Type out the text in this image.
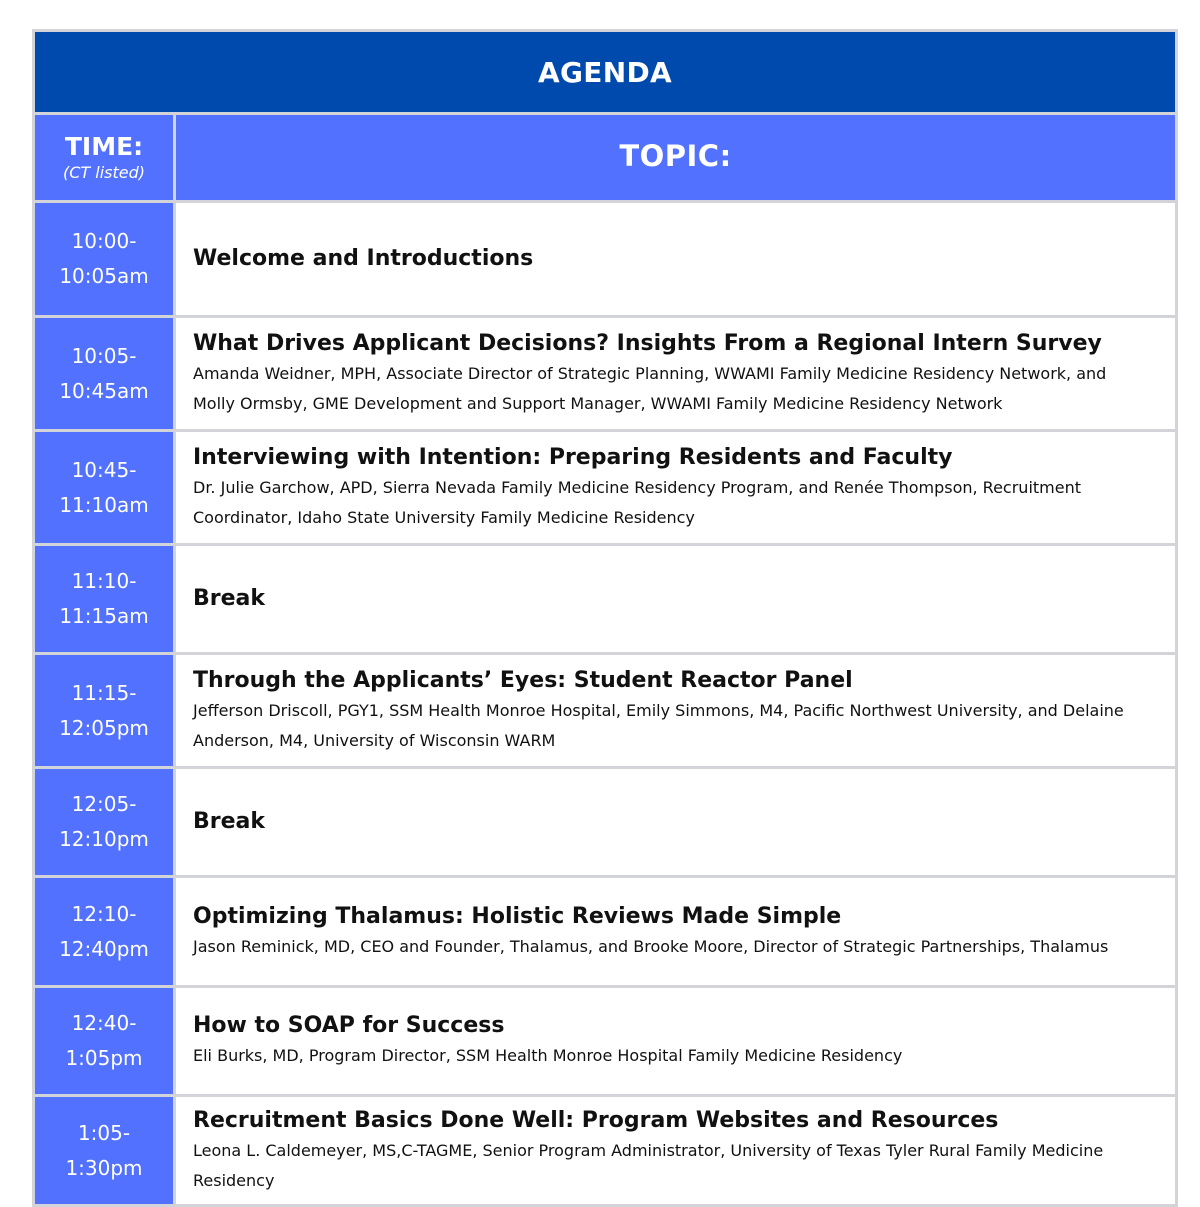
AGENDA
TIME:
(CT listed)	TOPIC:
10:00-
10:05am
Welcome and Introductions
10:05-
10:45am
What Drives Applicant Decisions? Insights From a Regional Intern Survey
Amanda Weidner, MPH, Associate Director of Strategic Planning, WWAMI Family Medicine Residency Network, and Molly Ormsby, GME Development and Support Manager, WWAMI Family Medicine Residency Network
10:45-
11:10am
Interviewing with Intention: Preparing Residents and Faculty
Dr. Julie Garchow, APD, Sierra Nevada Family Medicine Residency Program, and Renée Thompson, Recruitment Coordinator, Idaho State University Family Medicine Residency
11:10-
11:15am
Break
11:15-
12:05pm
Through the Applicants’ Eyes: Student Reactor Panel
Jefferson Driscoll, PGY1, SSM Health Monroe Hospital, Emily Simmons, M4, Pacific Northwest University, and Delaine Anderson, M4, University of Wisconsin WARM
12:05-
12:10pm
Break
12:10-
12:40pm
Optimizing Thalamus: Holistic Reviews Made Simple
Jason Reminick, MD, CEO and Founder, Thalamus, and Brooke Moore, Director of Strategic Partnerships, Thalamus
12:40-
1:05pm
How to SOAP for Success
Eli Burks, MD, Program Director, SSM Health Monroe Hospital Family Medicine Residency
1:05-
1:30pm
Recruitment Basics Done Well: Program Websites and Resources
Leona L. Caldemeyer, MS,C-TAGME, Senior Program Administrator, University of Texas Tyler Rural Family Medicine Residency
